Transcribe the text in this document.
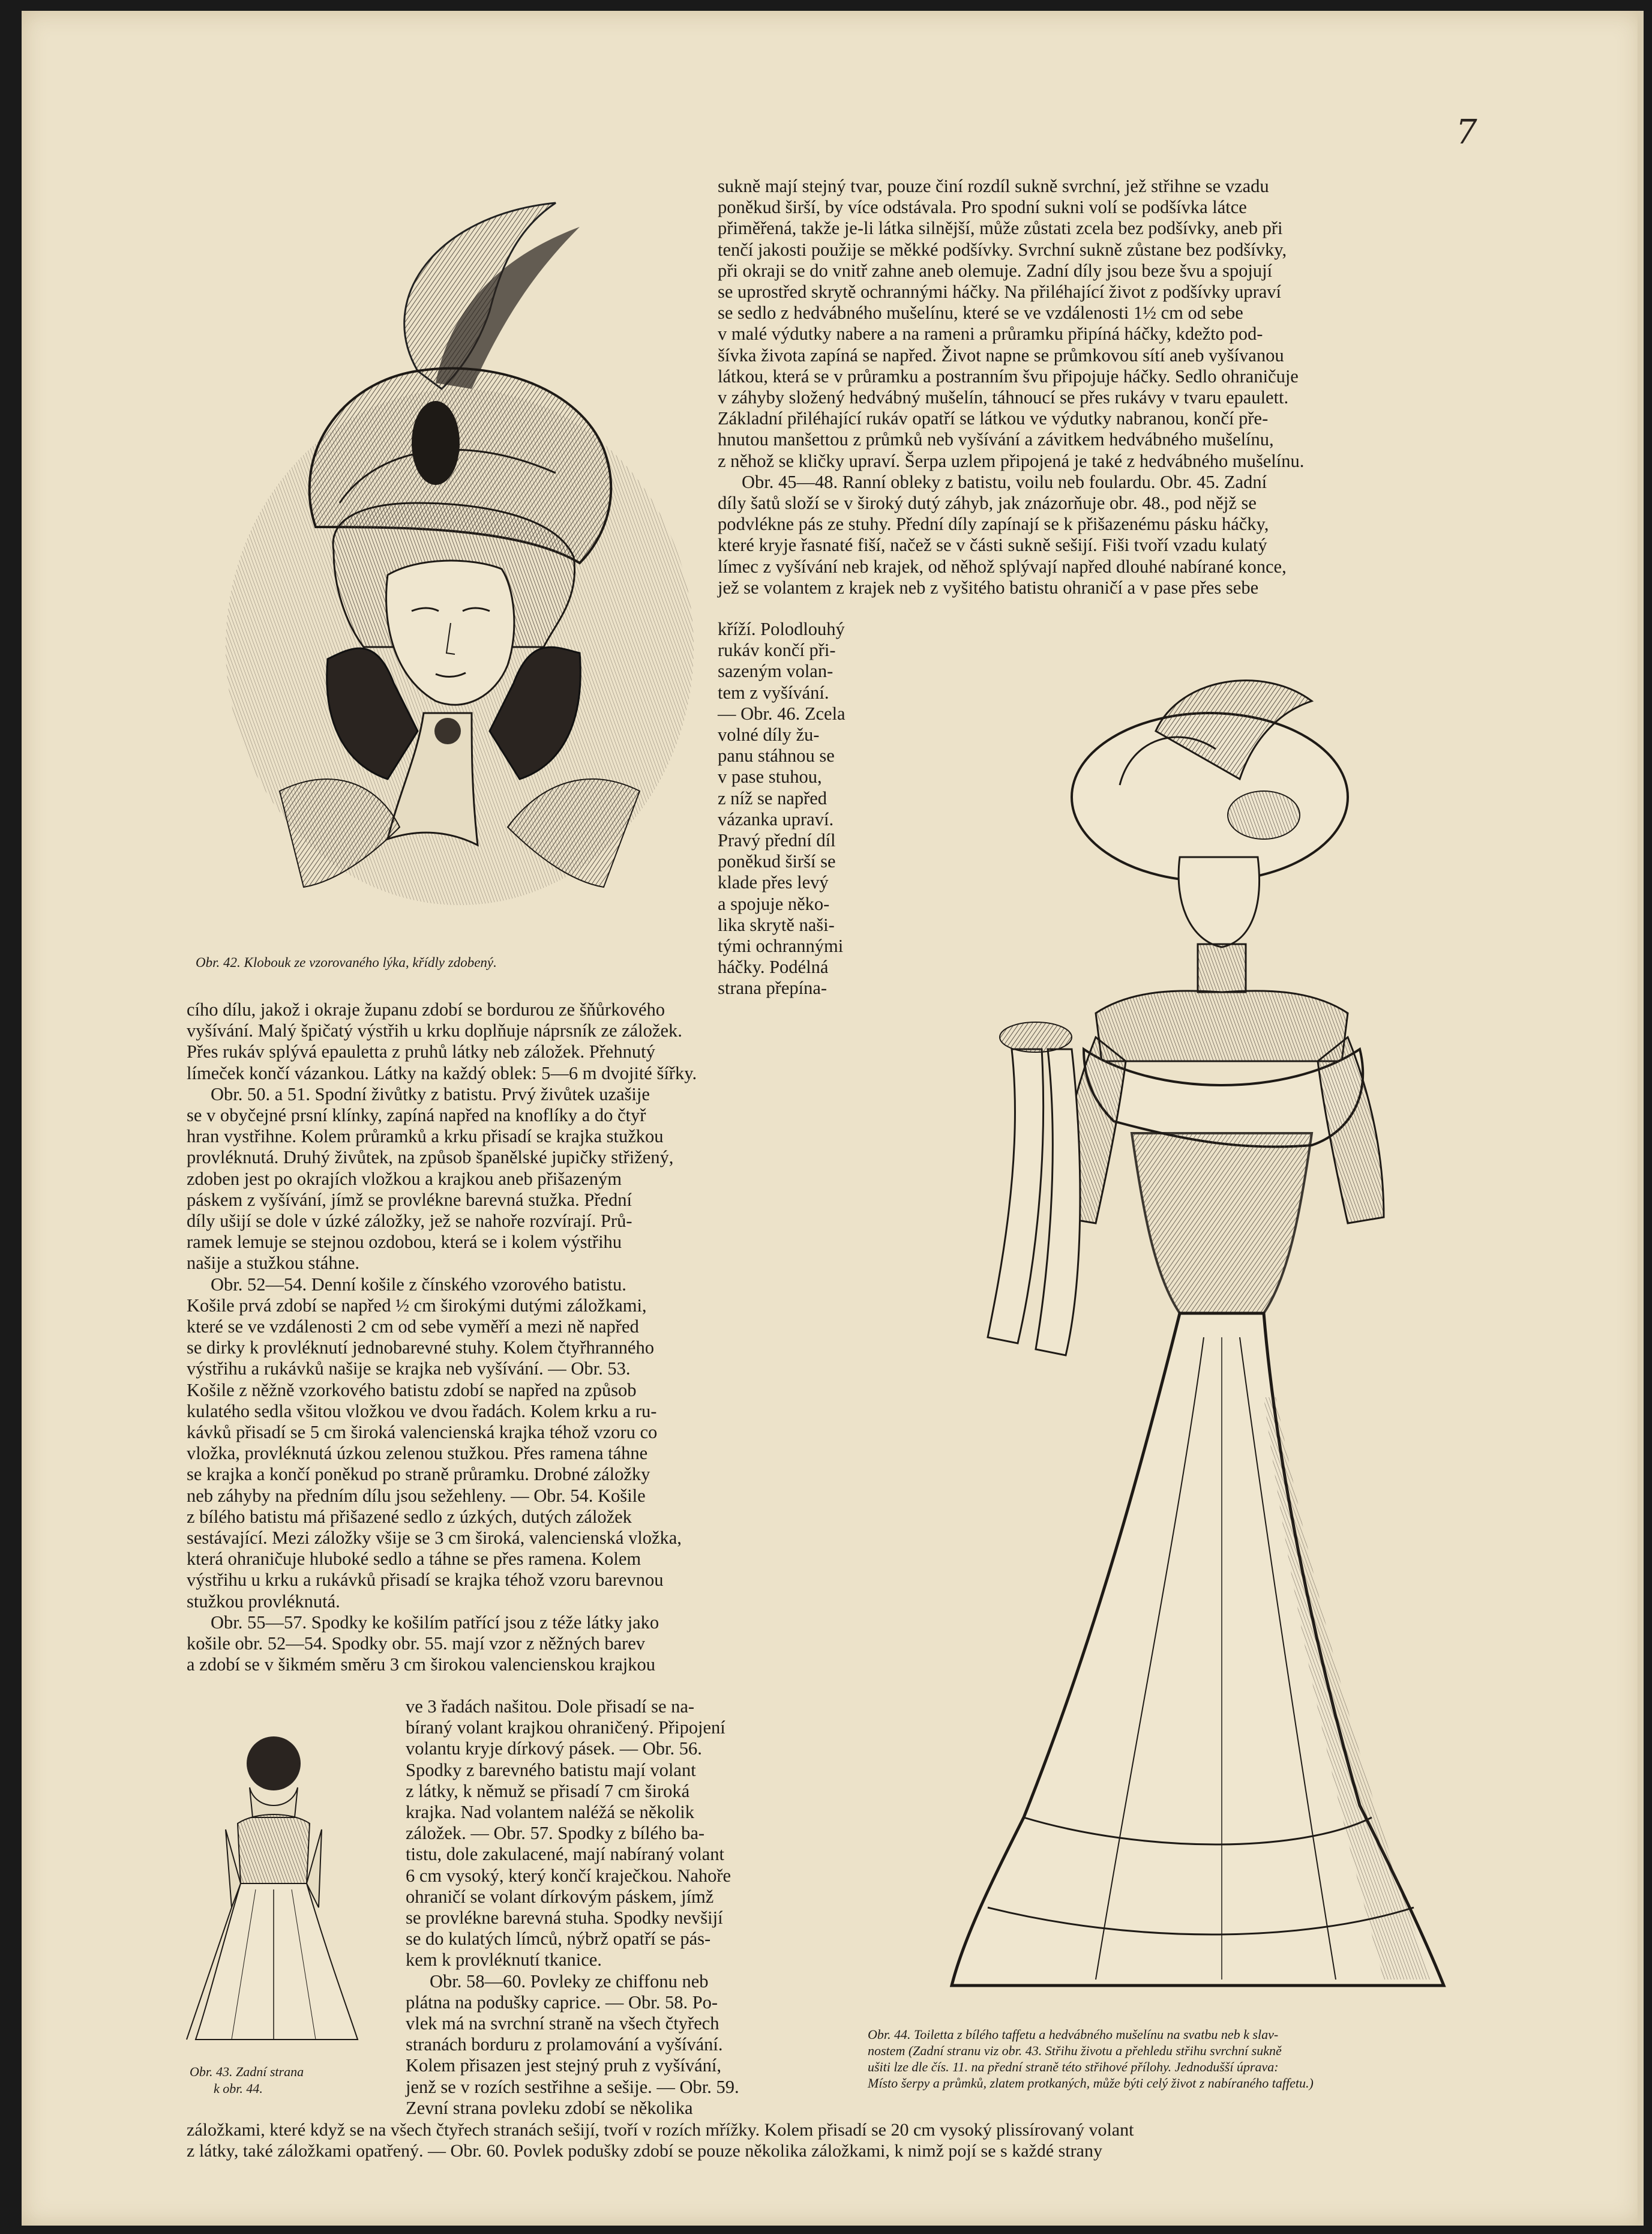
7
Obr. 42. Klobouk ze vzorovaného lýka, křídly zdobený.

sukně mají stejný tvar, pouze činí rozdíl sukně svrchní, jež střihne se vzadu

poněkud širší, by více odstávala. Pro spodní sukni volí se podšívka látce

přiměřená, takže je-li látka silnější, může zůstati zcela bez podšívky, aneb při

tenčí jakosti použije se měkké podšívky. Svrchní sukně zůstane bez podšívky,

při okraji se do vnitř zahne aneb olemuje. Zadní díly jsou beze švu a spojují

se uprostřed skrytě ochrannými háčky. Na přiléhající život z podšívky upraví

se sedlo z hedvábného mušelínu, které se ve vzdálenosti 1½ cm od sebe

v malé výdutky nabere a na rameni a průramku připíná háčky, kdežto pod-

šívka života zapíná se napřed. Život napne se průmkovou sítí aneb vyšívanou

látkou, která se v průramku a postranním švu připojuje háčky. Sedlo ohraničuje

v záhyby složený hedvábný mušelín, táhnoucí se přes rukávy v tvaru epaulett.

Základní přiléhající rukáv opatří se látkou ve výdutky nabranou, končí pře-

hnutou manšettou z průmků neb vyšívání a závitkem hedvábného mušelínu,

z něhož se kličky upraví. Šerpa uzlem připojená je také z hedvábného mušelínu.

Obr. 45—48. Ranní obleky z batistu, voilu neb foulardu. Obr. 45. Zadní

díly šatů složí se v široký dutý záhyb, jak znázorňuje obr. 48., pod nějž se

podvlékne pás ze stuhy. Přední díly zapínají se k přišazenému pásku háčky,

které kryje řasnaté fiší, načež se v části sukně sešijí. Fiši tvoří vzadu kulatý

límec z vyšívání neb krajek, od něhož splývají napřed dlouhé nabírané konce,

jež se volantem z krajek neb z vyšitého batistu ohraničí a v pase přes sebe

kříží. Polodlouhý

rukáv končí při-

sazeným volan-

tem z vyšívání.

— Obr. 46. Zcela

volné díly žu-

panu stáhnou se

v pase stuhou,

z níž se napřed

vázanka upraví.

Pravý přední díl

poněkud širší se

klade přes levý

a spojuje něko-

lika skrytě naši-

tými ochrannými

háčky. Podélná

strana přepína-

cího dílu, jakož i okraje županu zdobí se bordurou ze šňůrkového

vyšívání. Malý špičatý výstřih u krku doplňuje náprsník ze záložek.

Přes rukáv splývá epauletta z pruhů látky neb záložek. Přehnutý

límeček končí vázankou. Látky na každý oblek: 5—6 m dvojité šířky.

Obr. 50. a 51. Spodní živůtky z batistu. Prvý živůtek uzašije

se v obyčejné prsní klínky, zapíná napřed na knoflíky a do čtyř

hran vystřihne. Kolem průramků a krku přisadí se krajka stužkou

provléknutá. Druhý živůtek, na způsob španělské jupičky střižený,

zdoben jest po okrajích vložkou a krajkou aneb přišazeným

páskem z vyšívání, jímž se provlékne barevná stužka. Přední

díly ušijí se dole v úzké záložky, jež se nahoře rozvírají. Prů-

ramek lemuje se stejnou ozdobou, která se i kolem výstřihu

našije a stužkou stáhne.

Obr. 52—54. Denní košile z čínského vzorového batistu.

Košile prvá zdobí se napřed ½ cm širokými dutými záložkami,

které se ve vzdálenosti 2 cm od sebe vyměří a mezi ně napřed

se dirky k provléknutí jednobarevné stuhy. Kolem čtyřhranného

výstřihu a rukávků našije se krajka neb vyšívání. — Obr. 53.

Košile z něžně vzorkového batistu zdobí se napřed na způsob

kulatého sedla všitou vložkou ve dvou řadách. Kolem krku a ru-

kávků přisadí se 5 cm široká valencienská krajka téhož vzoru co

vložka, provléknutá úzkou zelenou stužkou. Přes ramena táhne

se krajka a končí poněkud po straně průramku. Drobné záložky

neb záhyby na předním dílu jsou sežehleny. — Obr. 54. Košile

z bílého batistu má přišazené sedlo z úzkých, dutých záložek

sestávající. Mezi záložky všije se 3 cm široká, valencienská vložka,

která ohraničuje hluboké sedlo a táhne se přes ramena. Kolem

výstřihu u krku a rukávků přisadí se krajka téhož vzoru barevnou

stužkou provléknutá.

Obr. 55—57. Spodky ke košilím patřící jsou z téže látky jako

košile obr. 52—54. Spodky obr. 55. mají vzor z něžných barev

a zdobí se v šikmém směru 3 cm širokou valencienskou krajkou

Obr. 43. Zadní strana
k obr. 44.

ve 3 řadách našitou. Dole přisadí se na-

bíraný volant krajkou ohraničený. Připojení

volantu kryje dírkový pásek. — Obr. 56.

Spodky z barevného batistu mají volant

z látky, k němuž se přisadí 7 cm široká

krajka. Nad volantem naléžá se několik

záložek. — Obr. 57. Spodky z bílého ba-

tistu, dole zakulacené, mají nabíraný volant

6 cm vysoký, který končí kraječkou. Nahoře

ohraničí se volant dírkovým páskem, jímž

se provlékne barevná stuha. Spodky nevšijí

se do kulatých límců, nýbrž opatří se pás-

kem k provléknutí tkanice.

Obr. 58—60. Povleky ze chiffonu neb

plátna na podušky caprice. — Obr. 58. Po-

vlek má na svrchní straně na všech čtyřech

stranách borduru z prolamování a vyšívání.

Kolem přisazen jest stejný pruh z vyšívání,

jenž se v rozích sestřihne a sešije. — Obr. 59.

Zevní strana povleku zdobí se několika

Obr. 44. Toiletta z bílého taffetu a hedvábného mušelínu na svatbu neb k slav-
nostem (Zadní stranu viz obr. 43. Střihu životu a přehledu střihu svrchní sukně
ušiti lze dle čís. 11. na přední straně této střihové přílohy. Jednodušší úprava:
Místo šerpy a průmků, zlatem protkaných, může býti celý život z nabíraného taffetu.)

záložkami, které když se na všech čtyřech stranách sešijí, tvoří v rozích mřížky. Kolem přisadí se 20 cm vysoký plissírovaný volant

z látky, také záložkami opatřený. — Obr. 60. Povlek podušky zdobí se pouze několika záložkami, k nimž pojí se s každé strany
